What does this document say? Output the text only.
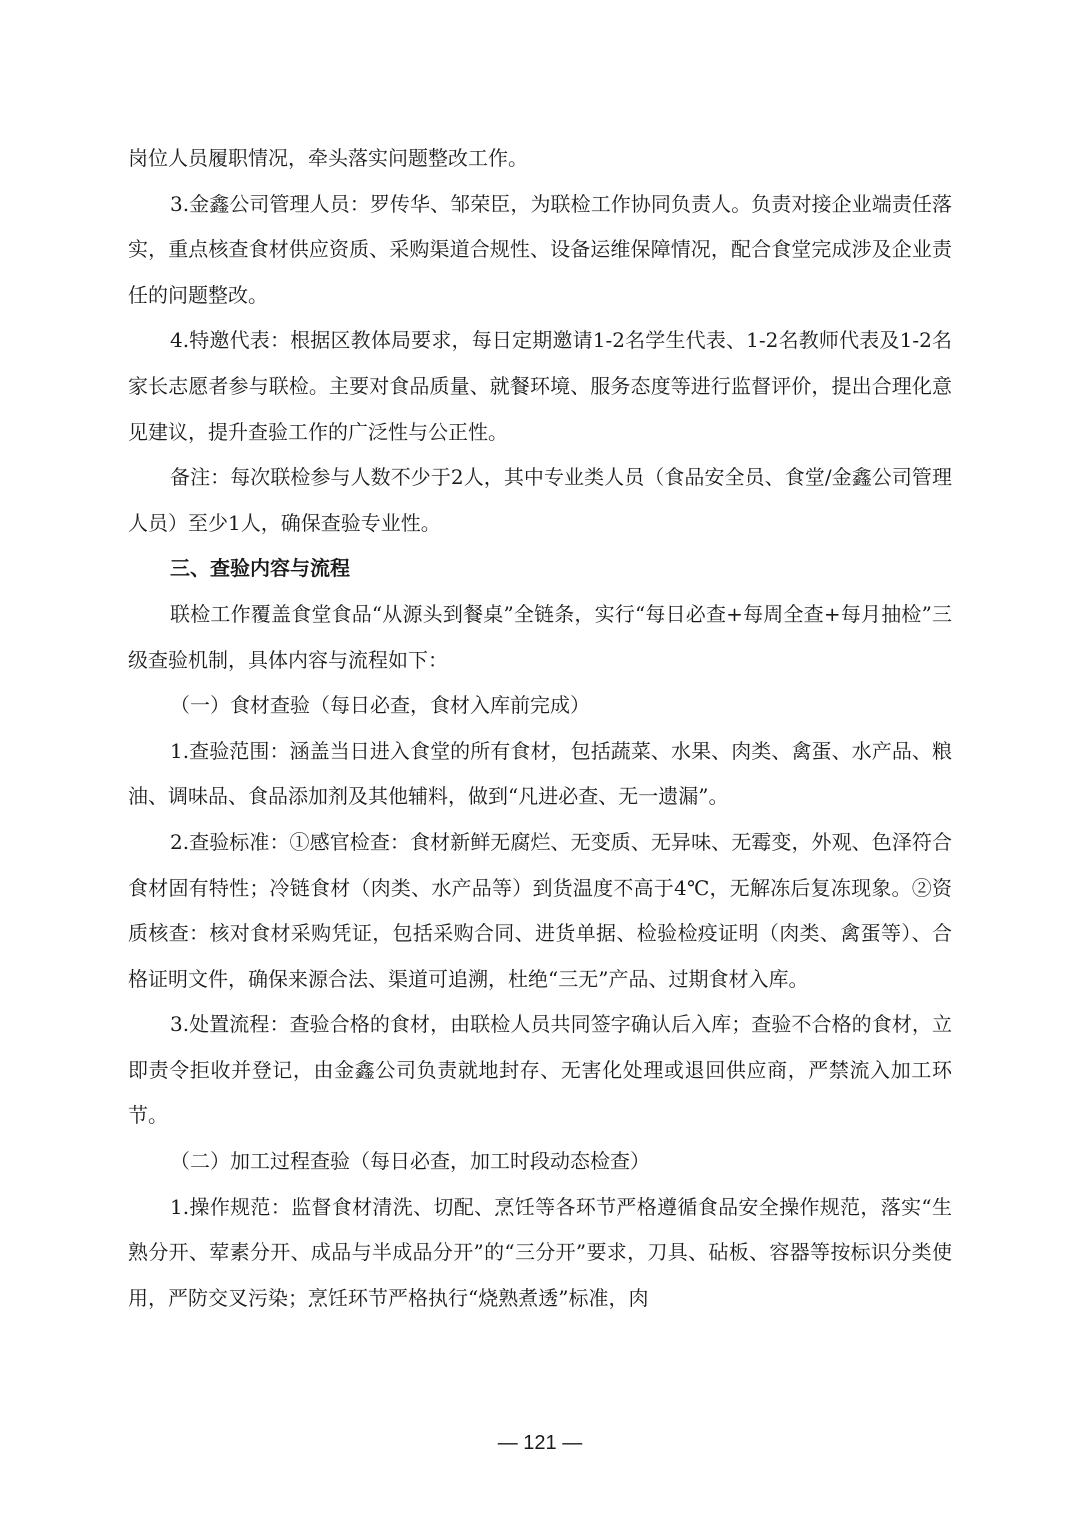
岗位人员履职情况，牵头落实问题整改工作。

3.金鑫公司管理人员：罗传华、邹荣臣，为联检工作协同负责人。负责对接企业端责任落实，重点核查食材供应资质、采购渠道合规性、设备运维保障情况，配合食堂完成涉及企业责任的问题整改。

4.特邀代表：根据区教体局要求，每日定期邀请1-2名学生代表、1-2名教师代表及1-2名家长志愿者参与联检。主要对食品质量、就餐环境、服务态度等进行监督评价，提出合理化意见建议，提升查验工作的广泛性与公正性。

备注：每次联检参与人数不少于2人，其中专业类人员（食品安全员、食堂/金鑫公司管理人员）至少1人，确保查验专业性。

三、查验内容与流程

联检工作覆盖食堂食品“从源头到餐桌”全链条，实行“每日必查+每周全查+每月抽检”三级查验机制，具体内容与流程如下：

（一）食材查验（每日必查，食材入库前完成）

1.查验范围：涵盖当日进入食堂的所有食材，包括蔬菜、水果、肉类、禽蛋、水产品、粮油、调味品、食品添加剂及其他辅料，做到“凡进必查、无一遗漏”。

2.查验标准：①感官检查：食材新鲜无腐烂、无变质、无异味、无霉变，外观、色泽符合食材固有特性；冷链食材（肉类、水产品等）到货温度不高于4℃，无解冻后复冻现象。②资质核查：核对食材采购凭证，包括采购合同、进货单据、检验检疫证明（肉类、禽蛋等）、合格证明文件，确保来源合法、渠道可追溯，杜绝“三无”产品、过期食材入库。

3.处置流程：查验合格的食材，由联检人员共同签字确认后入库；查验不合格的食材，立即责令拒收并登记，由金鑫公司负责就地封存、无害化处理或退回供应商，严禁流入加工环节。

（二）加工过程查验（每日必查，加工时段动态检查）

1.操作规范：监督食材清洗、切配、烹饪等各环节严格遵循食品安全操作规范，落实“生熟分开、荤素分开、成品与半成品分开”的“三分开”要求，刀具、砧板、容器等按标识分类使用，严防交叉污染；烹饪环节严格执行“烧熟煮透”标准，肉

— 121 —
